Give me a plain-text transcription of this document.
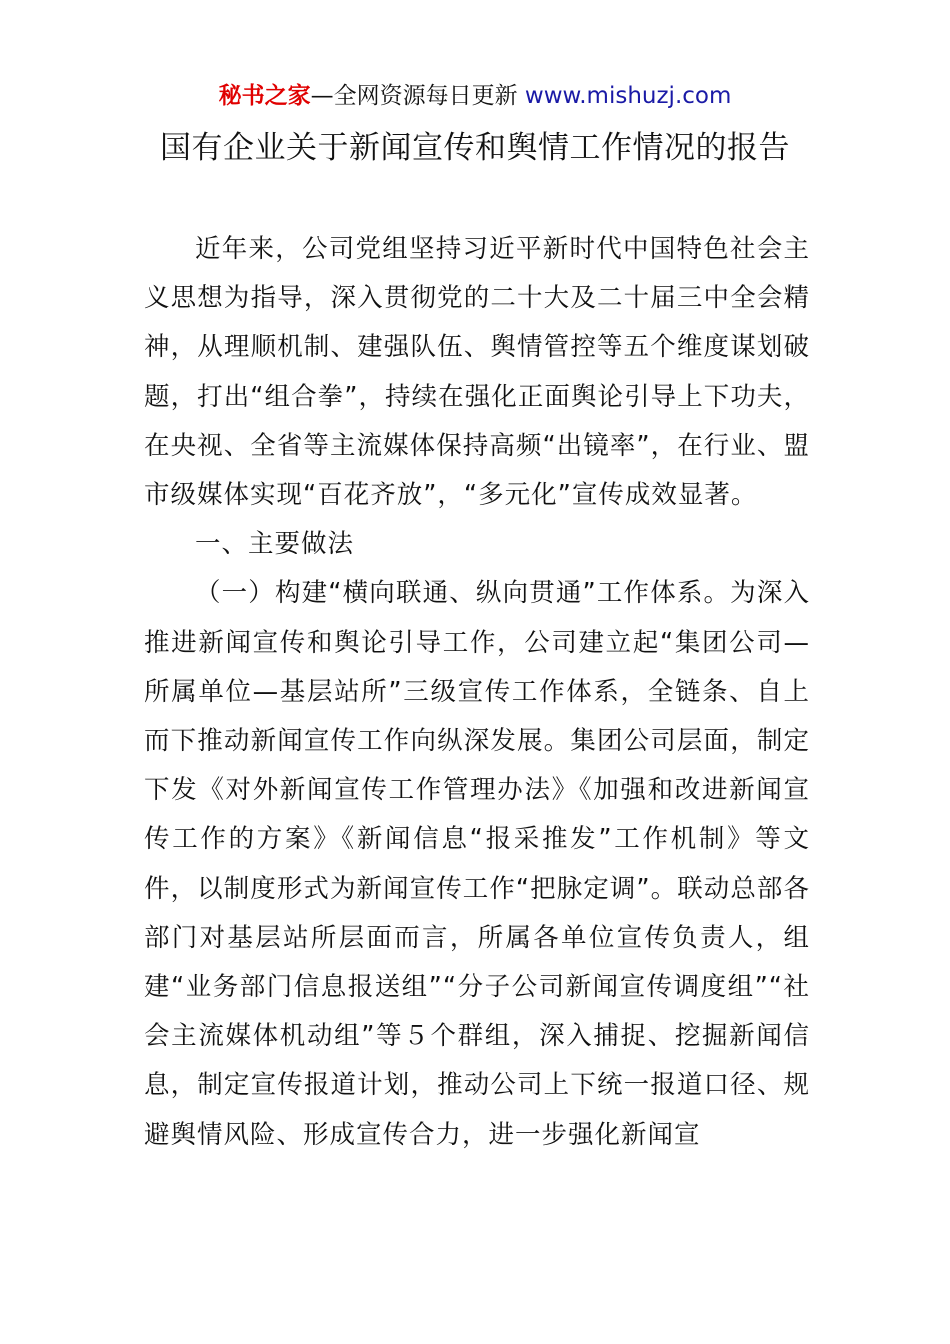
秘书之家—全网资源每日更新 www.mishuzj.com
国有企业关于新闻宣传和舆情工作情况的报告

近年来，公司党组坚持习近平新时代中国特色社会主义思想为指导，深入贯彻党的二十大及二十届三中全会精神，从理顺机制、建强队伍、舆情管控等五个维度谋划破题，打出“组合拳”，持续在强化正面舆论引导上下功夫，在央视、全省等主流媒体保持高频“出镜率”，在行业、盟市级媒体实现“百花齐放”，“多元化”宣传成效显著。

一、主要做法

（一）构建“横向联通、纵向贯通”工作体系。为深入推进新闻宣传和舆论引导工作，公司建立起“集团公司—所属单位—基层站所”三级宣传工作体系，全链条、自上而下推动新闻宣传工作向纵深发展。集团公司层面，制定下发《对外新闻宣传工作管理办法》《加强和改进新闻宣传工作的方案》《新闻信息“报采推发”工作机制》等文件，以制度形式为新闻宣传工作“把脉定调”。联动总部各部门对基层站所层面而言，所属各单位宣传负责人，组建“业务部门信息报送组”“分子公司新闻宣传调度组”“社会主流媒体机动组”等５个群组，深入捕捉、挖掘新闻信息，制定宣传报道计划，推动公司上下统一报道口径、规避舆情风险、形成宣传合力，进一步强化新闻宣
